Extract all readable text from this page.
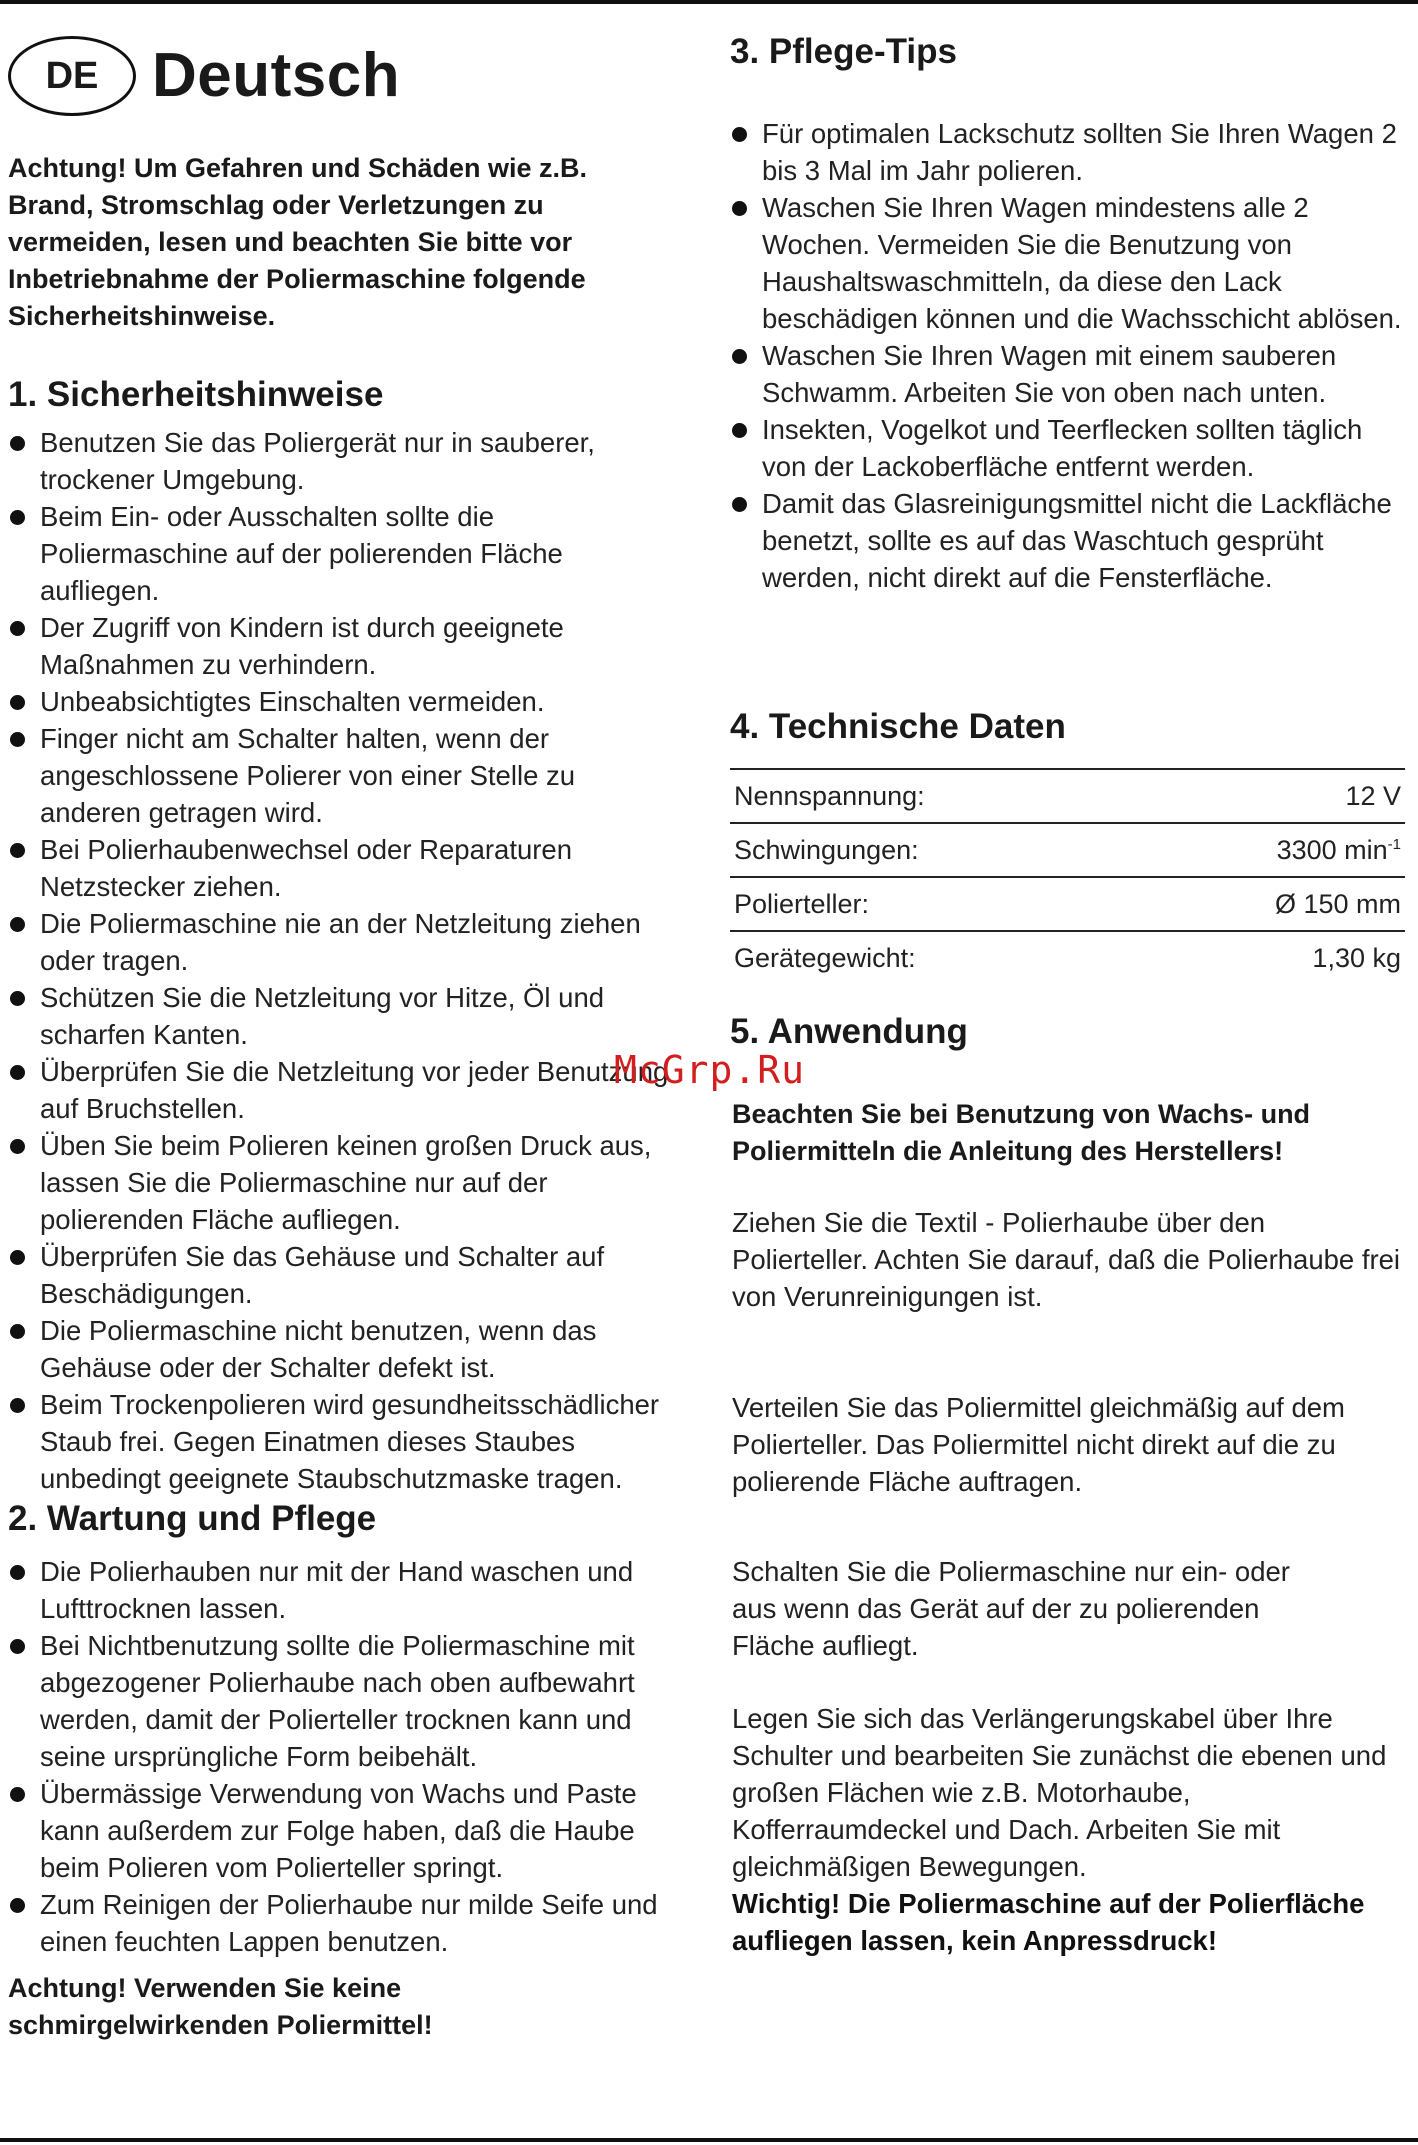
DE Deutsch

Achtung! Um Gefahren und Schäden wie z.B. Brand, Stromschlag oder Verletzungen zu vermeiden, lesen und beachten Sie bitte vor Inbetriebnahme der Poliermaschine folgende Sicherheitshinweise.

1. Sicherheitshinweise
Benutzen Sie das Poliergerät nur in sauberer, trockener Umgebung.
Beim Ein- oder Ausschalten sollte die Poliermaschine auf der polierenden Fläche aufliegen.
Der Zugriff von Kindern ist durch geeignete Maßnahmen zu verhindern.
Unbeabsichtigtes Einschalten vermeiden.
Finger nicht am Schalter halten, wenn der angeschlossene Polierer von einer Stelle zu anderen getragen wird.
Bei Polierhaubenwechsel oder Reparaturen Netzstecker ziehen.
Die Poliermaschine nie an der Netzleitung ziehen oder tragen.
Schützen Sie die Netzleitung vor Hitze, Öl und scharfen Kanten.
Überprüfen Sie die Netzleitung vor jeder Benutzung auf Bruchstellen.
Üben Sie beim Polieren keinen großen Druck aus, lassen Sie die Poliermaschine nur auf der polierenden Fläche aufliegen.
Überprüfen Sie das Gehäuse und Schalter auf Beschädigungen.
Die Poliermaschine nicht benutzen, wenn das Gehäuse oder der Schalter defekt ist.
Beim Trockenpolieren wird gesundheitsschädlicher Staub frei. Gegen Einatmen dieses Staubes unbedingt geeignete Staubschutzmaske tragen.
2. Wartung und Pflege
Die Polierhauben nur mit der Hand waschen und Lufttrocknen lassen.
Bei Nichtbenutzung sollte die Poliermaschine mit abgezogener Polierhaube nach oben aufbewahrt werden, damit der Polierteller trocknen kann und seine ursprüngliche Form beibehält.
Übermässige Verwendung von Wachs und Paste kann außerdem zur Folge haben, daß die Haube beim Polieren vom Polierteller springt.
Zum Reinigen der Polierhaube nur milde Seife und einen feuchten Lappen benutzen.

Achtung! Verwenden Sie keine schmirgelwirkenden Poliermittel!

3. Pflege-Tips
Für optimalen Lackschutz sollten Sie Ihren Wagen 2 bis 3 Mal im Jahr polieren.
Waschen Sie Ihren Wagen mindestens alle 2 Wochen. Vermeiden Sie die Benutzung von Haushaltswaschmitteln, da diese den Lack beschädigen können und die Wachsschicht ablösen.
Waschen Sie Ihren Wagen mit einem sauberen Schwamm. Arbeiten Sie von oben nach unten.
Insekten, Vogelkot und Teerflecken sollten täglich von der Lackoberfläche entfernt werden.
Damit das Glasreinigungsmittel nicht die Lackfläche benetzt, sollte es auf das Waschtuch gesprüht werden, nicht direkt auf die Fensterfläche.
4. Technische Daten
Nennspannung:	12 V
Schwingungen:	3300 $\min^{-1}$
Polierteller:	Ø 150 mm
Gerätegewicht:	1,30 kg
5. Anwendung

Beachten Sie bei Benutzung von Wachs- und Poliermitteln die Anleitung des Herstellers!

Ziehen Sie die Textil - Polierhaube über den Polierteller. Achten Sie darauf, daß die Polierhaube frei von Verunreinigungen ist.

Verteilen Sie das Poliermittel gleichmäßig auf dem Polierteller. Das Poliermittel nicht direkt auf die zu polierende Fläche auftragen.

Schalten Sie die Poliermaschine nur ein- oder aus wenn das Gerät auf der zu polierenden Fläche aufliegt.

Legen Sie sich das Verlängerungskabel über Ihre Schulter und bearbeiten Sie zunächst die ebenen und großen Flächen wie z.B. Motorhaube, Kofferraumdeckel und Dach. Arbeiten Sie mit gleichmäßigen Bewegungen.

Wichtig! Die Poliermaschine auf der Polierfläche aufliegen lassen, kein Anpressdruck!

McGrp.Ru
